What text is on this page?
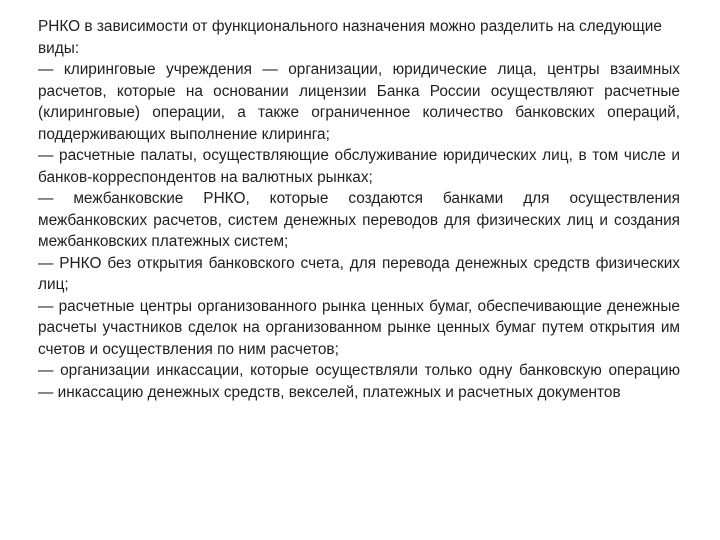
РНКО в зависимости от функционального назначения можно разделить на следующие виды:

— клиринговые учреждения — организации, юридические лица, центры взаимных расчетов, которые на основании лицензии Банка России осуществляют расчетные (клиринговые) операции, а также ограниченное количество банковских операций, поддерживающих выполнение клиринга;

— расчетные палаты, осуществляющие обслуживание юридических лиц, в том числе и банков-корреспондентов на валютных рынках;

— межбанковские РНКО, которые создаются банками для осуществления межбанковских расчетов, систем денежных переводов для физических лиц и создания межбанковских платежных систем;

— РНКО без открытия банковского счета, для перевода денежных средств физических лиц;

— расчетные центры организованного рынка ценных бумаг, обеспечивающие денежные расчеты участников сделок на организованном рынке ценных бумаг путем открытия им счетов и осуществления по ним расчетов;

— организации инкассации, которые осуществляли только одну банковскую операцию — инкассацию денежных средств, векселей, платежных и расчетных документов
